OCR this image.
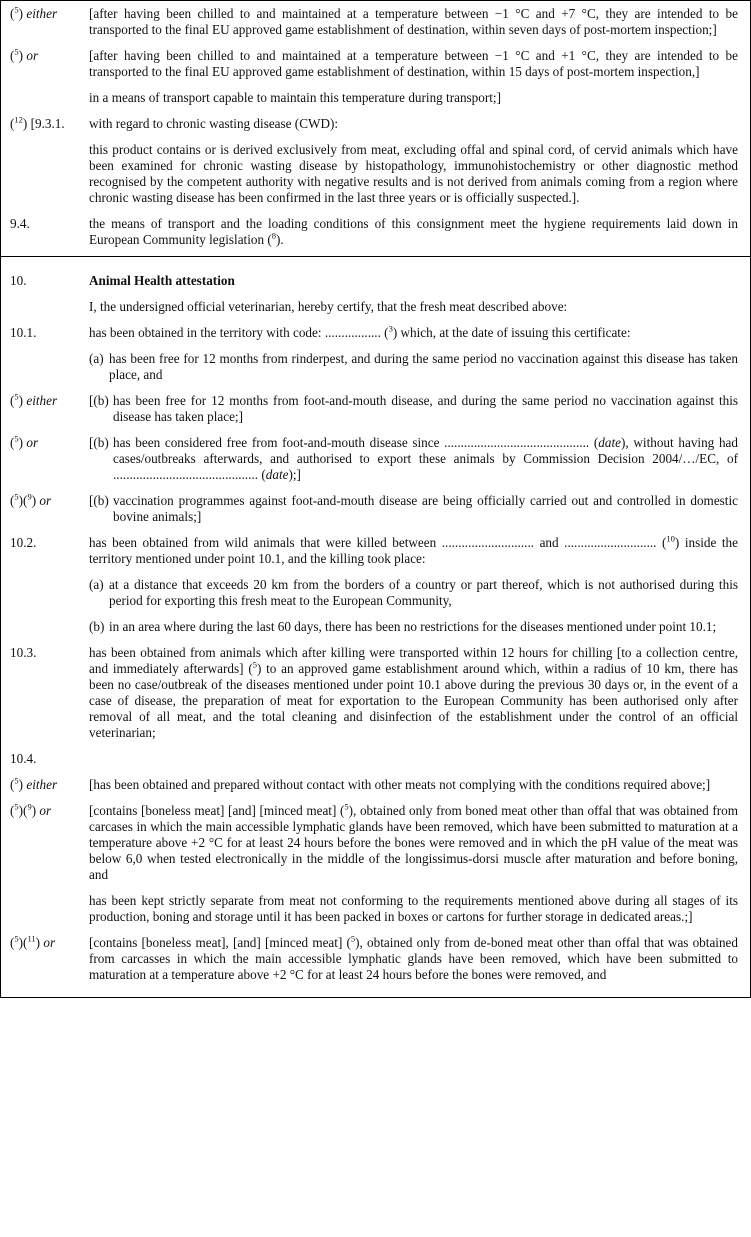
($^5$) either	[after having been chilled to and maintained at a temperature between −1 °C and +7 °C, they are intended to be transported to the final EU approved game establishment of destination, within seven days of post-mortem inspection;]
($^5$) or	[after having been chilled to and maintained at a temperature between −1 °C and +1 °C, they are intended to be transported to the final EU approved game establishment of destination, within 15 days of post-mortem inspection,]
in a means of transport capable to maintain this temperature during transport;]
($^{12}$) [9.3.1.	with regard to chronic wasting disease (CWD):
this product contains or is derived exclusively from meat, excluding offal and spinal cord, of cervid animals which have been examined for chronic wasting disease by histopathology, immunohistochemistry or other diagnostic method recognised by the competent authority with negative results and is not derived from animals coming from a region where chronic wasting disease has been confirmed in the last three years or is officially suspected.].
9.4.	the means of transport and the loading conditions of this consignment meet the hygiene requirements laid down in European Community legislation ($^8$).
10.	Animal Health attestation
I, the undersigned official veterinarian, hereby certify, that the fresh meat described above:
10.1.	has been obtained in the territory with code: ................. ($^3$) which, at the date of issuing this certificate:
(a) has been free for 12 months from rinderpest, and during the same period no vaccination against this disease has taken place, and
($^5$) either	[(b) has been free for 12 months from foot-and-mouth disease, and during the same period no vaccination against this disease has taken place;]
($^5$) or	[(b) has been considered free from foot-and-mouth disease since ............................................ (date), without having had cases/outbreaks afterwards, and authorised to export these animals by Commission Decision 2004/…/EC, of ............................................ (date);]
($^5$)($^9$) or	[(b) vaccination programmes against foot-and-mouth disease are being officially carried out and controlled in domestic bovine animals;]
10.2.	has been obtained from wild animals that were killed between ............................ and ............................ ($^{10}$) inside the territory mentioned under point 10.1, and the killing took place:
(a) at a distance that exceeds 20 km from the borders of a country or part thereof, which is not authorised during this period for exporting this fresh meat to the European Community,
(b) in an area where during the last 60 days, there has been no restrictions for the diseases mentioned under point 10.1;
10.3.	has been obtained from animals which after killing were transported within 12 hours for chilling [to a collection centre, and immediately afterwards] ($^5$) to an approved game establishment around which, within a radius of 10 km, there has been no case/outbreak of the diseases mentioned under point 10.1 above during the previous 30 days or, in the event of a case of disease, the preparation of meat for exportation to the European Community has been authorised only after removal of all meat, and the total cleaning and disinfection of the establishment under the control of an official veterinarian;
10.4.
($^5$) either	[has been obtained and prepared without contact with other meats not complying with the conditions required above;]
($^5$)($^9$) or	[contains [boneless meat] [and] [minced meat] ($^5$), obtained only from boned meat other than offal that was obtained from carcases in which the main accessible lymphatic glands have been removed, which have been submitted to maturation at a temperature above +2 °C for at least 24 hours before the bones were removed and in which the pH value of the meat was below 6,0 when tested electronically in the middle of the longissimus-dorsi muscle after maturation and before boning, and
has been kept strictly separate from meat not conforming to the requirements mentioned above during all stages of its production, boning and storage until it has been packed in boxes or cartons for further storage in dedicated areas.;]
($^5$)($^{11}$) or	[contains [boneless meat], [and] [minced meat] ($^5$), obtained only from de-boned meat other than offal that was obtained from carcasses in which the main accessible lymphatic glands have been removed, which have been submitted to maturation at a temperature above +2 °C for at least 24 hours before the bones were removed, and
